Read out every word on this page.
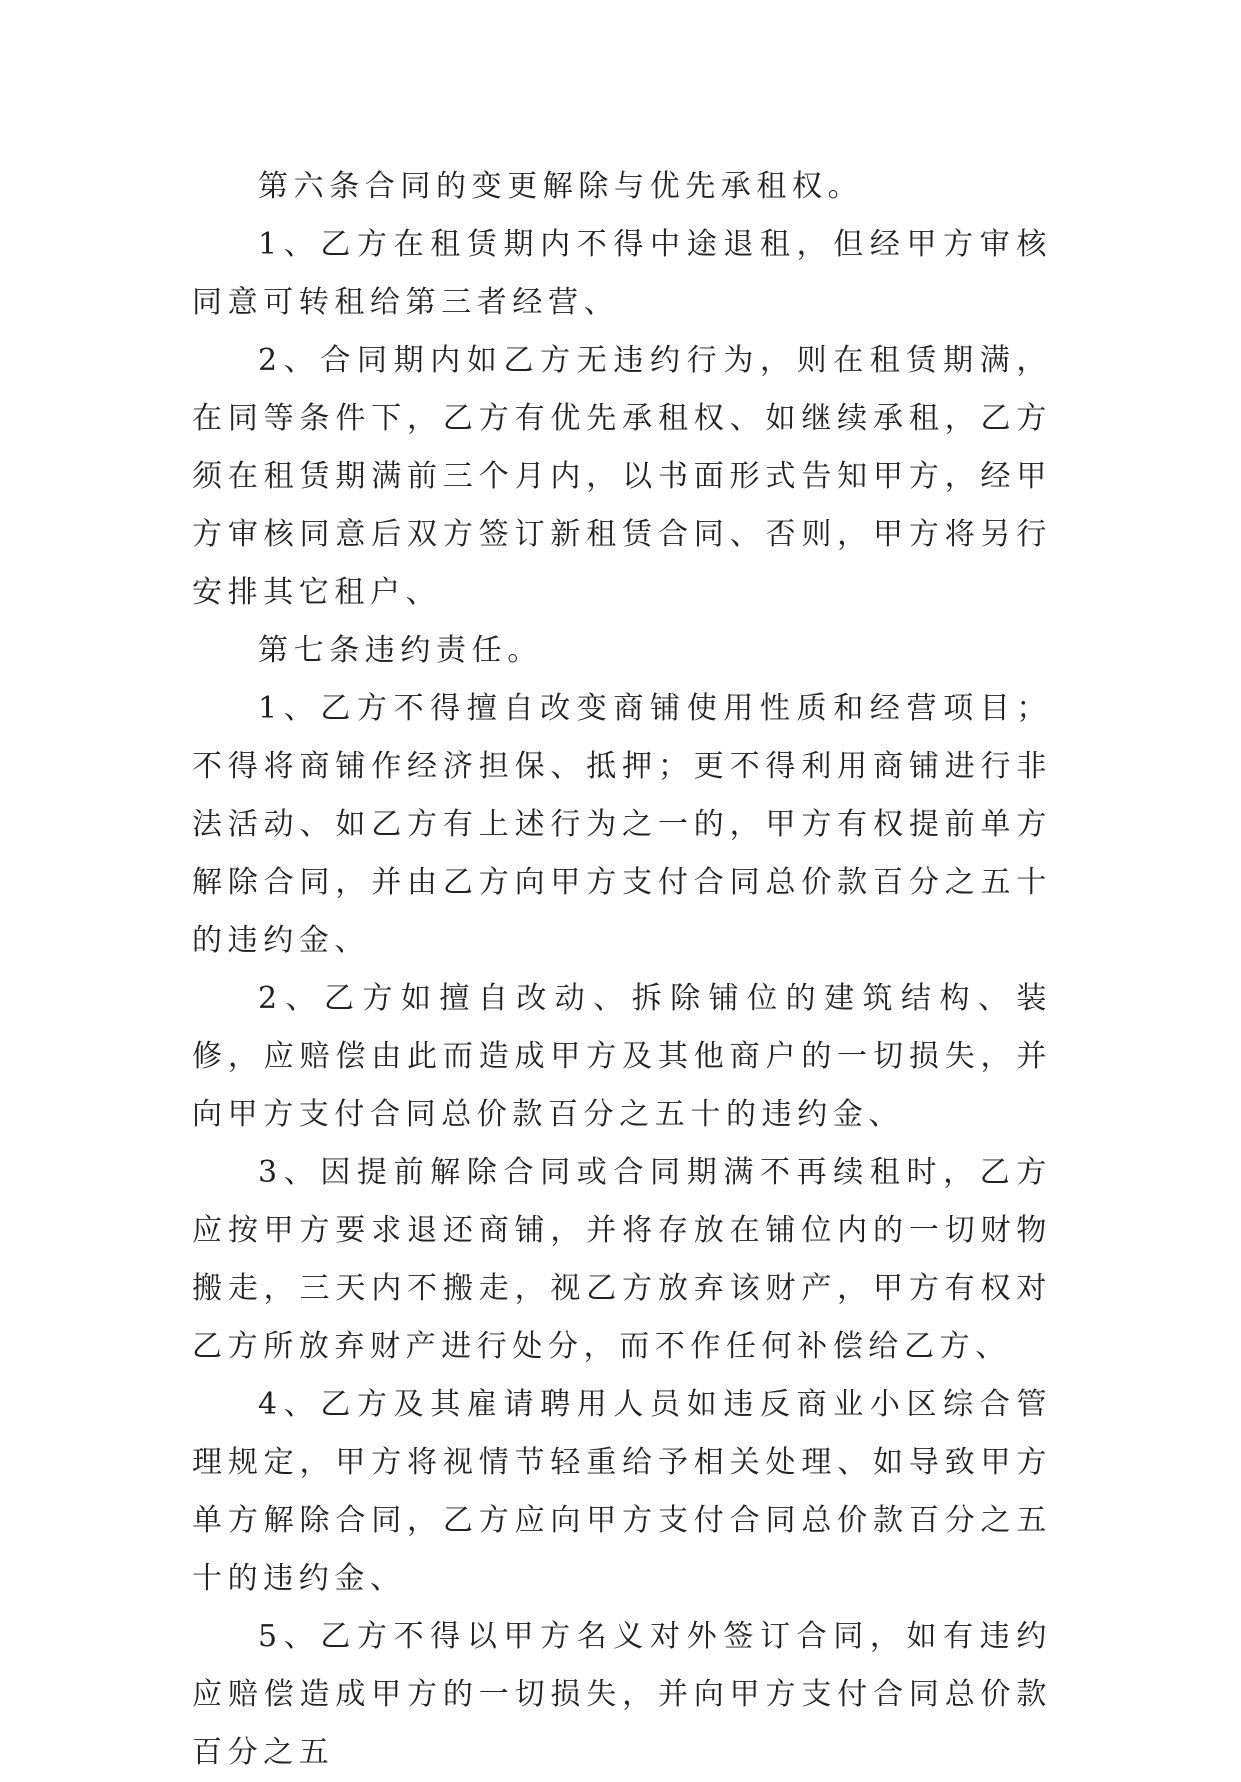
第六条合同的变更解除与优先承租权。

1、乙方在租赁期内不得中途退租，但经甲方审核同意可转租给第三者经营、

2、合同期内如乙方无违约行为，则在租赁期满，在同等条件下，乙方有优先承租权、如继续承租，乙方须在租赁期满前三个月内，以书面形式告知甲方，经甲方审核同意后双方签订新租赁合同、否则，甲方将另行安排其它租户、

第七条违约责任。

1、乙方不得擅自改变商铺使用性质和经营项目；不得将商铺作经济担保、抵押；更不得利用商铺进行非法活动、如乙方有上述行为之一的，甲方有权提前单方解除合同，并由乙方向甲方支付合同总价款百分之五十的违约金、

2、乙方如擅自改动、拆除铺位的建筑结构、装修，应赔偿由此而造成甲方及其他商户的一切损失，并向甲方支付合同总价款百分之五十的违约金、

3、因提前解除合同或合同期满不再续租时，乙方应按甲方要求退还商铺，并将存放在铺位内的一切财物搬走，三天内不搬走，视乙方放弃该财产，甲方有权对乙方所放弃财产进行处分，而不作任何补偿给乙方、

4、乙方及其雇请聘用人员如违反商业小区综合管理规定，甲方将视情节轻重给予相关处理、如导致甲方单方解除合同，乙方应向甲方支付合同总价款百分之五十的违约金、

5、乙方不得以甲方名义对外签订合同，如有违约应赔偿造成甲方的一切损失，并向甲方支付合同总价款百分之五
